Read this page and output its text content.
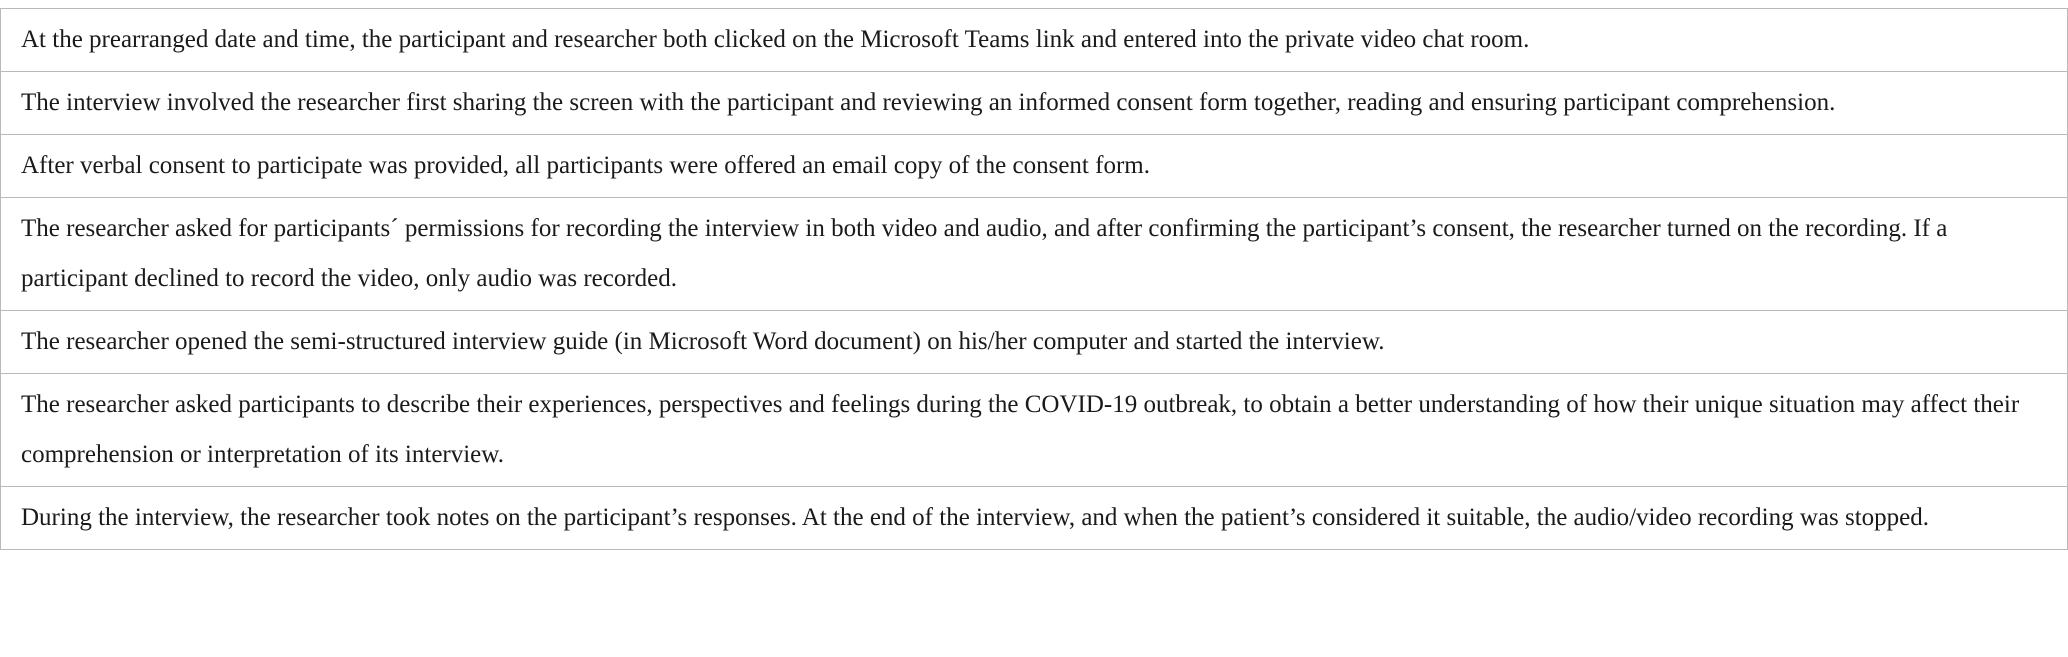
At the prearranged date and time, the participant and researcher both clicked on the Microsoft Teams link and entered into the private video chat room.
The interview involved the researcher first sharing the screen with the participant and reviewing an informed consent form together, reading and ensuring participant comprehension.
After verbal consent to participate was provided, all participants were offered an email copy of the consent form.
The researcher asked for participants´ permissions for recording the interview in both video and audio, and after confirming the participant’s consent, the researcher turned on the recording. If a participant declined to record the video, only audio was recorded.
The researcher opened the semi-structured interview guide (in Microsoft Word document) on his/her computer and started the interview.
The researcher asked participants to describe their experiences, perspectives and feelings during the COVID-19 outbreak, to obtain a better understanding of how their unique situation may affect their comprehension or interpretation of its interview.
During the interview, the researcher took notes on the participant’s responses. At the end of the interview, and when the patient’s considered it suitable, the audio/video recording was stopped.
